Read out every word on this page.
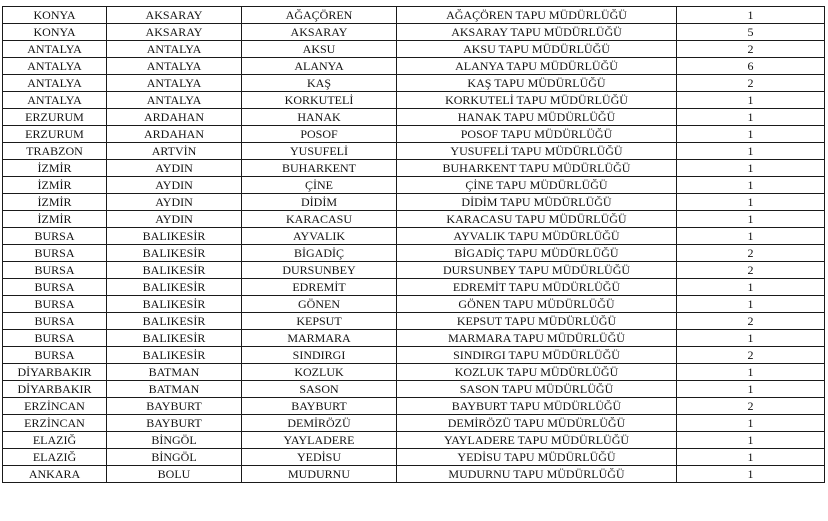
KONYA	AKSARAY	AĞAÇÖREN	AĞAÇÖREN TAPU MÜDÜRLÜĞÜ	1
KONYA	AKSARAY	AKSARAY	AKSARAY TAPU MÜDÜRLÜĞÜ	5
ANTALYA	ANTALYA	AKSU	AKSU TAPU MÜDÜRLÜĞÜ	2
ANTALYA	ANTALYA	ALANYA	ALANYA TAPU MÜDÜRLÜĞÜ	6
ANTALYA	ANTALYA	KAŞ	KAŞ TAPU MÜDÜRLÜĞÜ	2
ANTALYA	ANTALYA	KORKUTELİ	KORKUTELİ TAPU MÜDÜRLÜĞÜ	1
ERZURUM	ARDAHAN	HANAK	HANAK TAPU MÜDÜRLÜĞÜ	1
ERZURUM	ARDAHAN	POSOF	POSOF TAPU MÜDÜRLÜĞÜ	1
TRABZON	ARTVİN	YUSUFELİ	YUSUFELİ TAPU MÜDÜRLÜĞÜ	1
İZMİR	AYDIN	BUHARKENT	BUHARKENT TAPU MÜDÜRLÜĞÜ	1
İZMİR	AYDIN	ÇİNE	ÇİNE TAPU MÜDÜRLÜĞÜ	1
İZMİR	AYDIN	DİDİM	DİDİM TAPU MÜDÜRLÜĞÜ	1
İZMİR	AYDIN	KARACASU	KARACASU TAPU MÜDÜRLÜĞÜ	1
BURSA	BALIKESİR	AYVALIK	AYVALIK TAPU MÜDÜRLÜĞÜ	1
BURSA	BALIKESİR	BİGADİÇ	BİGADİÇ TAPU MÜDÜRLÜĞÜ	2
BURSA	BALIKESİR	DURSUNBEY	DURSUNBEY TAPU MÜDÜRLÜĞÜ	2
BURSA	BALIKESİR	EDREMİT	EDREMİT TAPU MÜDÜRLÜĞÜ	1
BURSA	BALIKESİR	GÖNEN	GÖNEN TAPU MÜDÜRLÜĞÜ	1
BURSA	BALIKESİR	KEPSUT	KEPSUT TAPU MÜDÜRLÜĞÜ	2
BURSA	BALIKESİR	MARMARA	MARMARA TAPU MÜDÜRLÜĞÜ	1
BURSA	BALIKESİR	SINDIRGI	SINDIRGI TAPU MÜDÜRLÜĞÜ	2
DİYARBAKIR	BATMAN	KOZLUK	KOZLUK TAPU MÜDÜRLÜĞÜ	1
DİYARBAKIR	BATMAN	SASON	SASON TAPU MÜDÜRLÜĞÜ	1
ERZİNCAN	BAYBURT	BAYBURT	BAYBURT TAPU MÜDÜRLÜĞÜ	2
ERZİNCAN	BAYBURT	DEMİRÖZÜ	DEMİRÖZÜ TAPU MÜDÜRLÜĞÜ	1
ELAZIĞ	BİNGÖL	YAYLADERE	YAYLADERE TAPU MÜDÜRLÜĞÜ	1
ELAZIĞ	BİNGÖL	YEDİSU	YEDİSU TAPU MÜDÜRLÜĞÜ	1
ANKARA	BOLU	MUDURNU	MUDURNU TAPU MÜDÜRLÜĞÜ	1
